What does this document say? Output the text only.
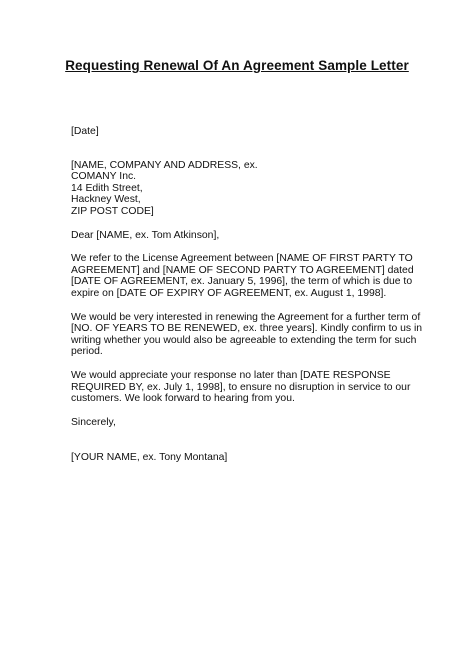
Requesting Renewal Of An Agreement Sample Letter
[Date]
[NAME, COMPANY AND ADDRESS, ex.
COMANY Inc.
14 Edith Street,
Hackney West,
ZIP POST CODE]
Dear [NAME, ex. Tom Atkinson],
We refer to the License Agreement between [NAME OF FIRST PARTY TO
AGREEMENT] and [NAME OF SECOND PARTY TO AGREEMENT] dated
[DATE OF AGREEMENT, ex. January 5, 1996], the term of which is due to
expire on [DATE OF EXPIRY OF AGREEMENT, ex. August 1, 1998].
We would be very interested in renewing the Agreement for a further term of
[NO. OF YEARS TO BE RENEWED, ex. three years]. Kindly confirm to us in
writing whether you would also be agreeable to extending the term for such
period.
We would appreciate your response no later than [DATE RESPONSE
REQUIRED BY, ex. July 1, 1998], to ensure no disruption in service to our
customers. We look forward to hearing from you.
Sincerely,
[YOUR NAME, ex. Tony Montana]
